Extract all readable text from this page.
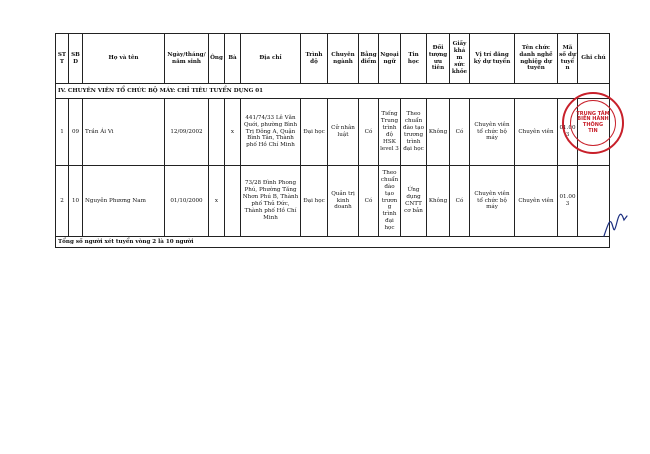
STT	SBD	Họ và tên	Ngày/tháng/ năm sinh	Ông	Bà	Địa chỉ	Trình độ	Chuyên ngành	Bằng điểm	Ngoại ngữ	Tin học	Đối tượng ưu tiên	Giấy khám sức khỏe	Vị trí đăng ký dự tuyển	Tên chức danh nghề nghiệp dự tuyển	Mã số dự tuyển	Ghi chú
IV. CHUYÊN VIÊN TỔ CHỨC BỘ MÁY: CHỈ TIÊU TUYỂN DỤNG 01																	
1	09	Trần Ái Vi	12/09/2002		x	441/74/33 Lê Văn Quới, phường Bình Trị Đông A, Quận Bình Tân, Thành phố Hồ Chí Minh	Đại học	Cử nhân luật	Có	Tiếng Trung trình độ HSK level 3	Theo chuẩn đào tạo trương trình đại học	Không	Có	Chuyên viên tổ chức bộ máy	Chuyên viên	01.003	
2	10	Nguyễn Phương Nam	01/10/2000	x		73/28 Đình Phong Phú, Phường Tăng Nhơn Phú B, Thành phố Thủ Đức, Thành phố Hồ Chí Minh	Đại học	Quản trị kinh doanh	Có	Theo chuẩn đào tạo trương trình đại học	Ứng dụng CNTT cơ bản	Không	Có	Chuyên viên tổ chức bộ máy	Chuyên viên	01.003	
Tổng số người xét tuyển vòng 2 là 10 người																	
TRUNG TÂM
BIÊN HÀNH
THÔNG
TIN
